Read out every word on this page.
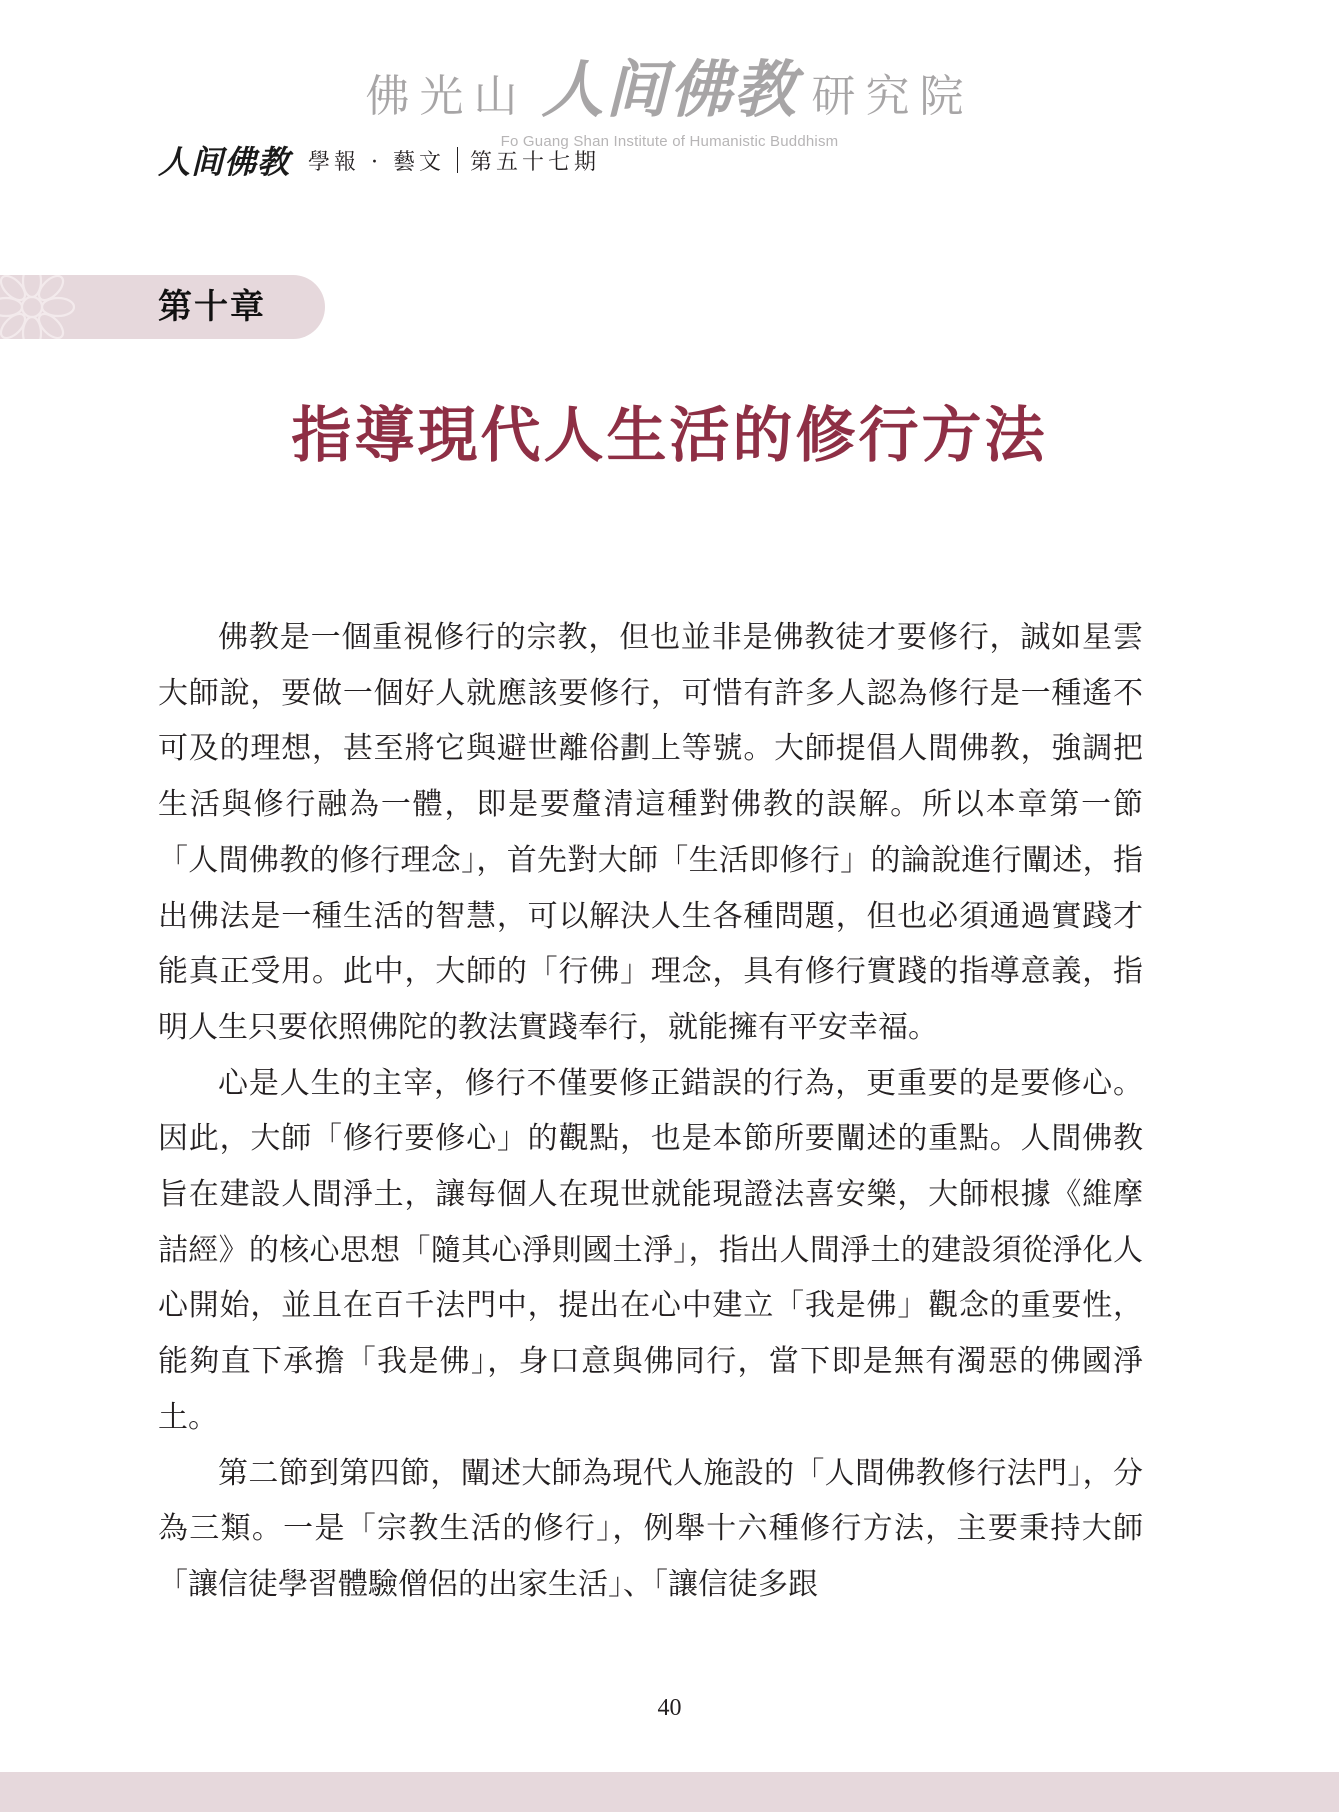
佛光山 人间佛教 研究院
Fo Guang Shan Institute of Humanistic Buddhism
人间佛教 學報 · 藝文 第五十七期
第十章
指導現代人生活的修行方法

佛教是一個重視修行的宗教，但也並非是佛教徒才要修行，誠如星雲大師說，要做一個好人就應該要修行，可惜有許多人認為修行是一種遙不可及的理想，甚至將它與避世離俗劃上等號。大師提倡人間佛教，強調把生活與修行融為一體，即是要釐清這種對佛教的誤解。所以本章第一節「人間佛教的修行理念」，首先對大師「生活即修行」的論說進行闡述，指出佛法是一種生活的智慧，可以解決人生各種問題，但也必須通過實踐才能真正受用。此中，大師的「行佛」理念，具有修行實踐的指導意義，指明人生只要依照佛陀的教法實踐奉行，就能擁有平安幸福。

心是人生的主宰，修行不僅要修正錯誤的行為，更重要的是要修心。因此，大師「修行要修心」的觀點，也是本節所要闡述的重點。人間佛教旨在建設人間淨土，讓每個人在現世就能現證法喜安樂，大師根據《維摩詰經》的核心思想「隨其心淨則國土淨」，指出人間淨土的建設須從淨化人心開始，並且在百千法門中，提出在心中建立「我是佛」觀念的重要性，能夠直下承擔「我是佛」，身口意與佛同行，當下即是無有濁惡的佛國淨土。

第二節到第四節，闡述大師為現代人施設的「人間佛教修行法門」，分為三類。一是「宗教生活的修行」，例舉十六種修行方法，主要秉持大師「讓信徒學習體驗僧侶的出家生活」、「讓信徒多跟

40
